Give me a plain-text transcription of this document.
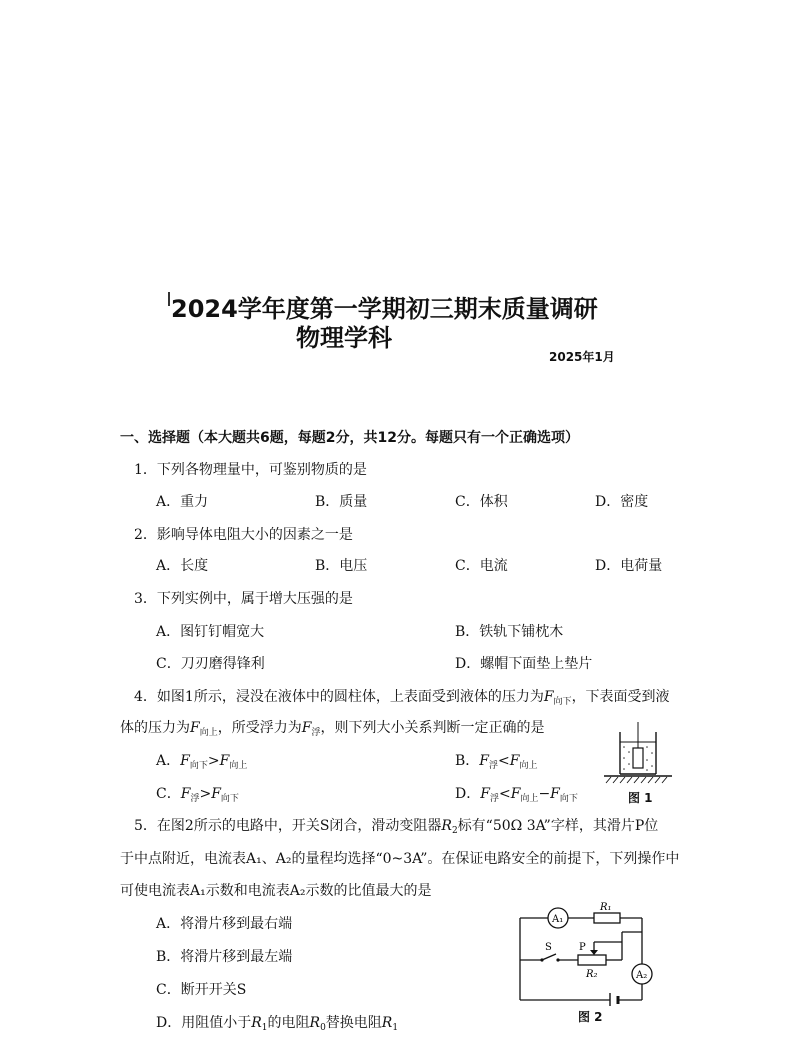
2024学年度第一学期初三期末质量调研
物理学科
2025年1月
一、选择题（本大题共6题，每题2分，共12分。每题只有一个正确选项）
1．下列各物理量中，可鉴别物质的是
A．重力	B．质量	C．体积	D．密度
2．影响导体电阻大小的因素之一是
A．长度	B．电压	C．电流	D．电荷量
3．下列实例中，属于增大压强的是
A．图钉钉帽宽大	B．铁轨下铺枕木
C．刀刃磨得锋利	D．螺帽下面垫上垫片
4．如图1所示，浸没在液体中的圆柱体，上表面受到液体的压力为$F_{向下}$，下表面受到液
体的压力为$F_{向上}$，所受浮力为$F_浮$，则下列大小关系判断一定正确的是
A．$F_{向下}>F_{向上}$	B．$F_浮<F_{向上}$
C．$F_浮>F_{向下}$	D．$F_浮<F_{向上}-F_{向下}$	图 1
5．在图2所示的电路中，开关S闭合，滑动变阻器$R_2$标有“50Ω 3A”字样，其滑片P位
于中点附近，电流表A₁、A₂的量程均选择“0~3A”。在保证电路安全的前提下，下列操作中
可使电流表A₁示数和电流表A₂示数的比值最大的是
A．将滑片移到最右端
B．将滑片移到最左端
C．断开开关S
D．用阻值小于$R_1$的电阻$R_0$替换电阻$R_1$
A₁
A₂
R₁
R₂
S	P
图 2
